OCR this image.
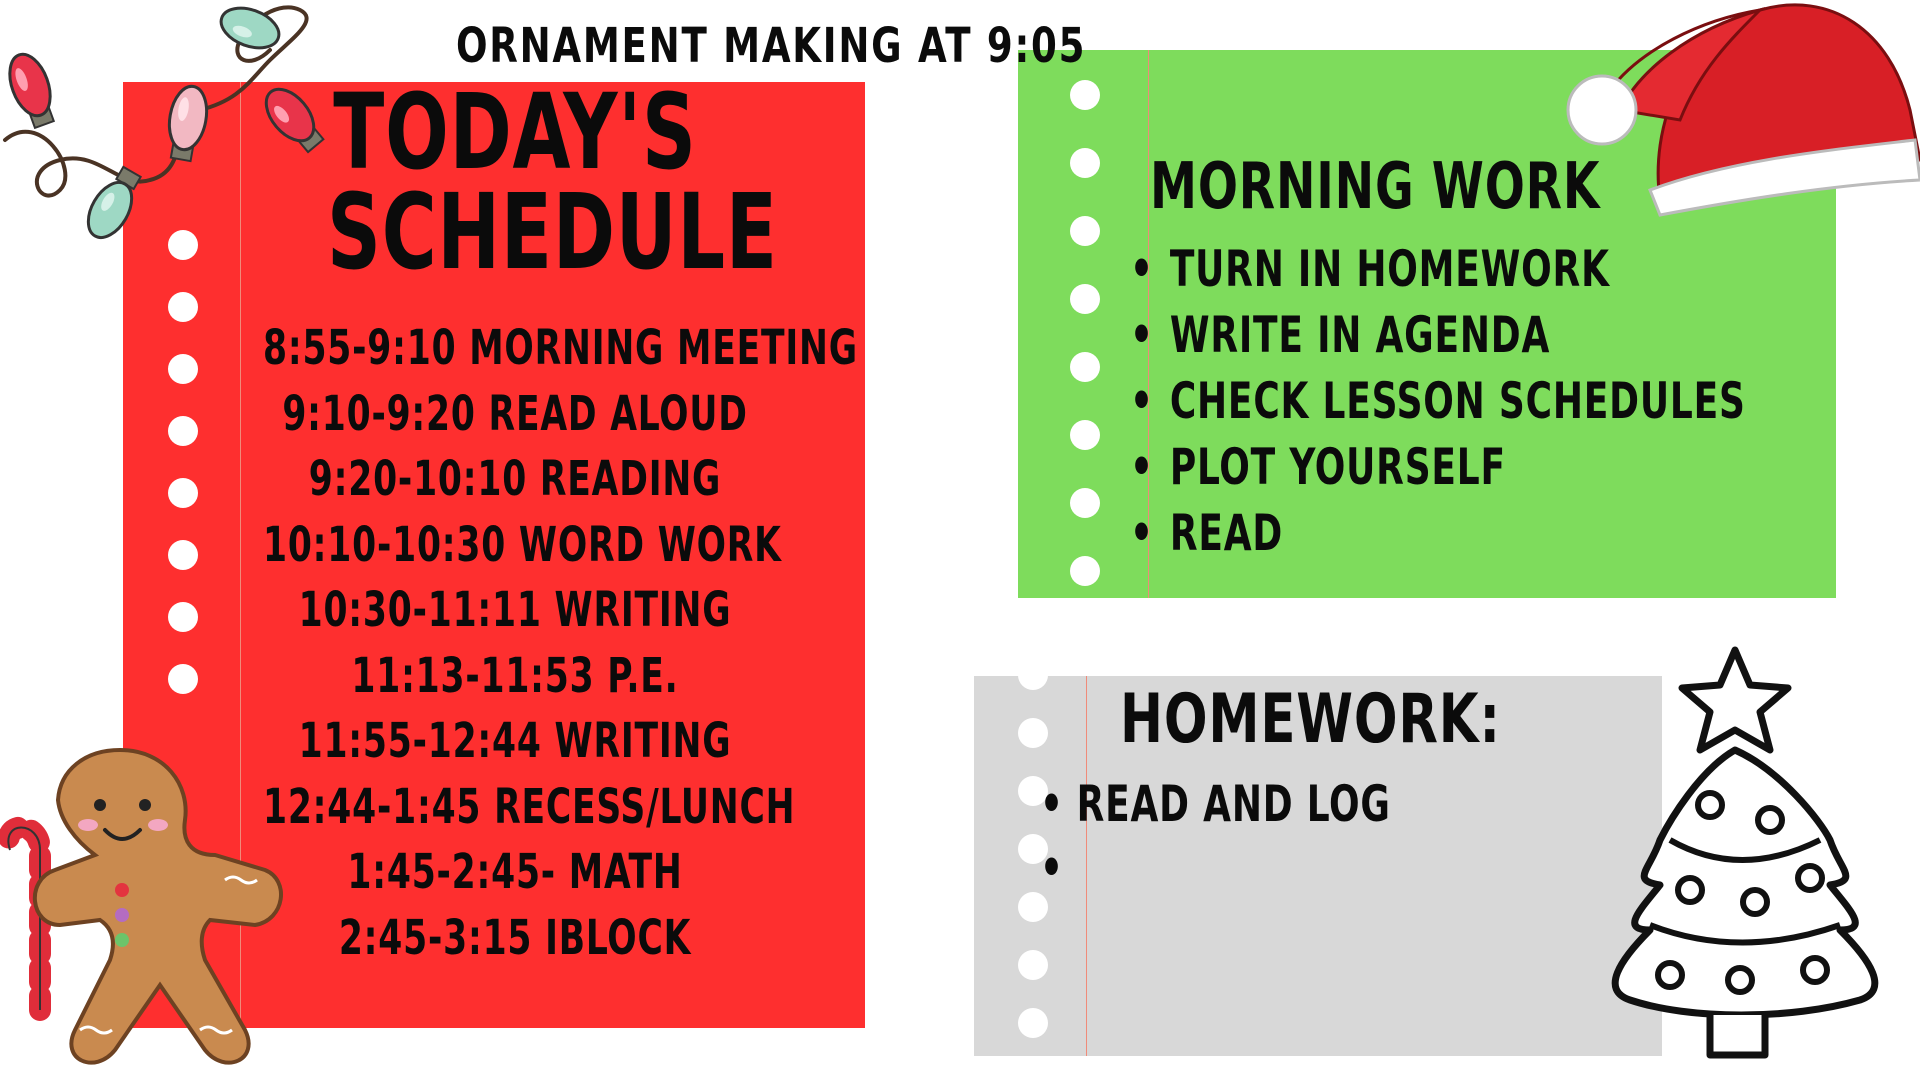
ORNAMENT MAKING AT 9:05
TODAY'S
SCHEDULE
8:55-9:10 MORNING MEETING
9:10-9:20 READ ALOUD
9:20-10:10 READING
10:10-10:30 WORD WORK
10:30-11:11 WRITING
11:13-11:53 P.E.
11:55-12:44 WRITING
12:44-1:45 RECESS/LUNCH
1:45-2:45- MATH
2:45-3:15 IBLOCK
MORNING WORK
• TURN IN HOMEWORK
• WRITE IN AGENDA
• CHECK LESSON SCHEDULES
• PLOT YOURSELF
• READ
HOMEWORK:
• READ AND LOG
•
